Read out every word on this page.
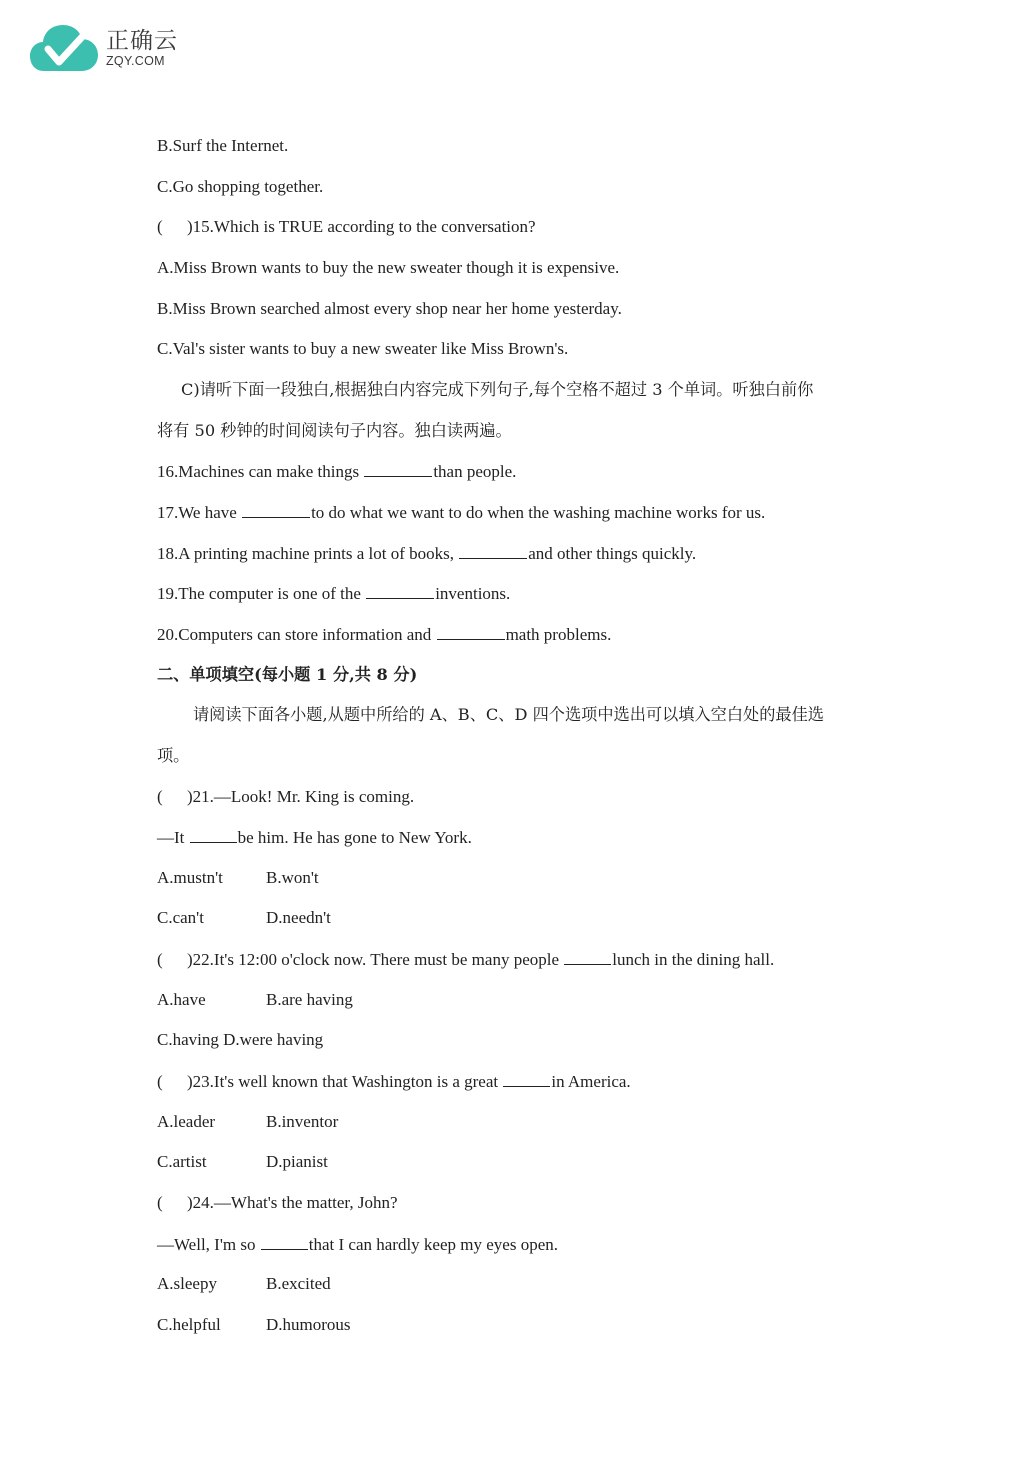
正确云
ZQY.COM
B.Surf the Internet.
C.Go shopping together.
( )15.Which is TRUE according to the conversation?
A.Miss Brown wants to buy the new sweater though it is expensive.
B.Miss Brown searched almost every shop near her home yesterday.
C.Val's sister wants to buy a new sweater like Miss Brown's.
C)请听下面一段独白,根据独白内容完成下列句子,每个空格不超过 3 个单词。听独白前你
将有 50 秒钟的时间阅读句子内容。独白读两遍。
16.Machines can make things	than people.
17.We have	to do what we want to do when the washing machine works for us.
18.A printing machine prints a lot of books,	and other things quickly.
19.The computer is one of the	inventions.
20.Computers can store information and	math problems.
二、单项填空(每小题 1 分,共 8 分)
请阅读下面各小题,从题中所给的 A、B、C、D 四个选项中选出可以填入空白处的最佳选
项。
( )21.—Look! Mr. King is coming.
—It	be him. He has gone to New York.
A.mustn't	B.won't
C.can't	D.needn't
( )22.It's 12:00 o'clock now. There must be many people	lunch in the dining hall.
A.have	B.are having
C.having D.were having
( )23.It's well known that Washington is a great	in America.
A.leader	B.inventor
C.artist	D.pianist
( )24.—What's the matter, John?
—Well, I'm so	that I can hardly keep my eyes open.
A.sleepy	B.excited
C.helpful	D.humorous
